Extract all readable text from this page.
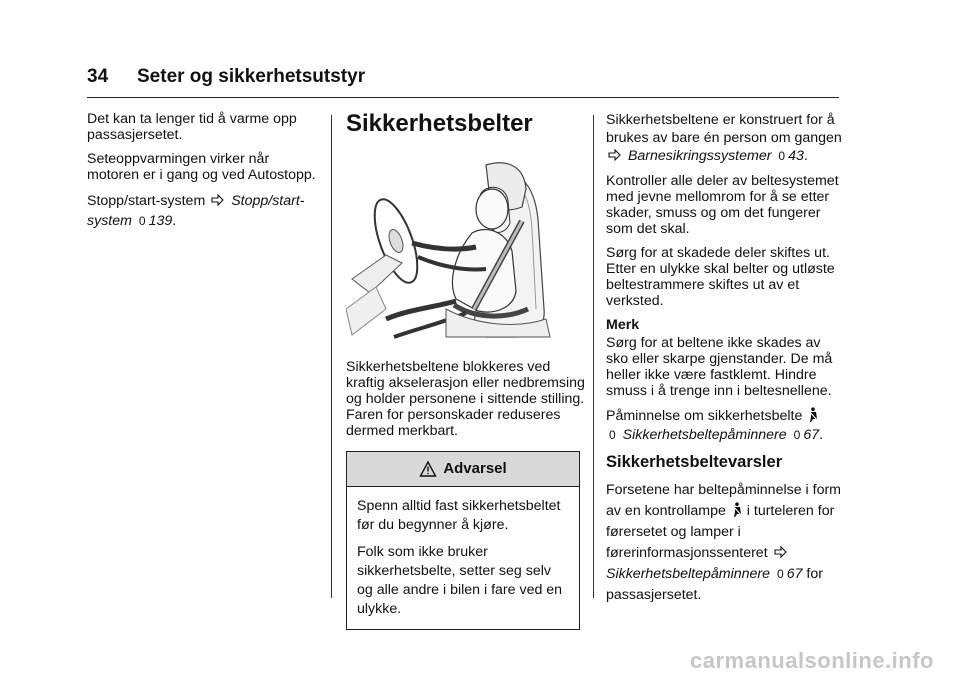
34 Seter og sikkerhetsutstyr

Det kan ta lenger tid å varme opp passasjersetet.

Seteoppvarmingen virker når motoren er i gang og ved Autostopp.

Stopp/start-system Stopp/start-system 0 139.

Sikkerhetsbelter

Sikkerhetsbeltene blokkeres ved kraftig akselerasjon eller nedbremsing og holder personene i sittende stilling. Faren for personskader reduseres dermed merkbart.

Advarsel

Spenn alltid fast sikkerhetsbeltet før du begynner å kjøre.

Folk som ikke bruker sikkerhetsbelte, setter seg selv og alle andre i bilen i fare ved en ulykke.

Sikkerhetsbeltene er konstruert for å brukes av bare én person om gangen  Barnesikringssystemer 0 43.

Kontroller alle deler av beltesystemet med jevne mellomrom for å se etter skader, smuss og om det fungerer som det skal.

Sørg for at skadede deler skiftes ut. Etter en ulykke skal belter og utløste beltestrammere skiftes ut av et verksted.

Merk

Sørg for at beltene ikke skades av sko eller skarpe gjenstander. De må heller ikke være fastklemt. Hindre smuss i å trenge inn i beltesnellene.

Påminnelse om sikkerhetsbelte
0 Sikkerhetsbeltepåminnere 0 67.

Sikkerhetsbeltevarsler

Forsetene har beltepåminnelse i form av en kontrollampe i turteleren for førersetet og lamper i førerinformasjonssenteret  Sikkerhetsbeltepåminnere 0 67 for passasjersetet.

carmanualsonline.info
